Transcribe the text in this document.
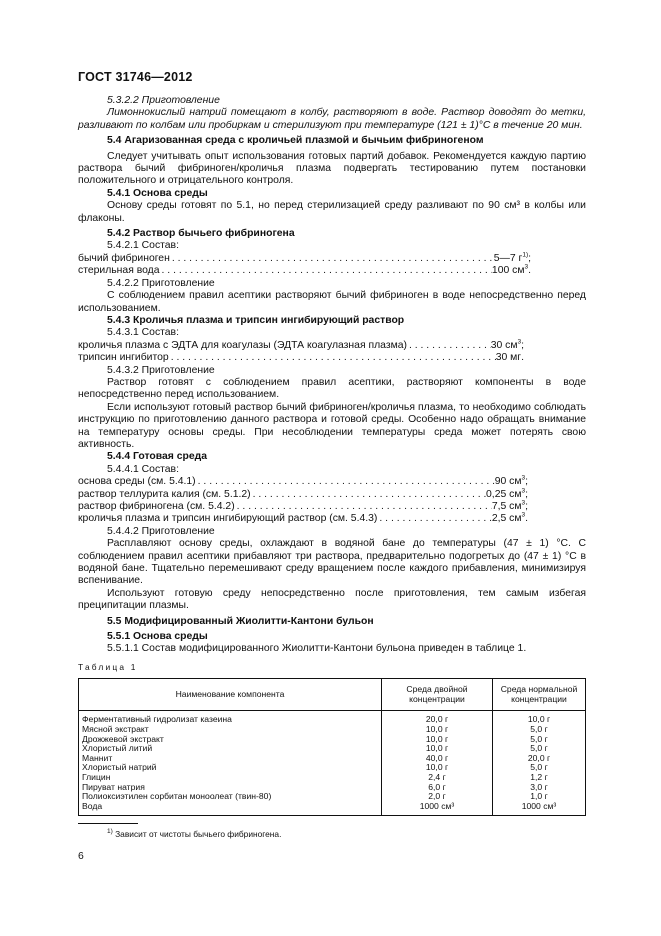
ГОСТ 31746—2012

5.3.2.2 Приготовление

Лимоннокислый натрий помещают в колбу, растворяют в воде. Раствор доводят до метки, разливают по колбам или пробиркам и стерилизуют при температуре (121 ± 1)°С в течение 20 мин.

5.4 Агаризованная среда с кроличьей плазмой и бычьим фибриногеном

Следует учитывать опыт использования готовых партий добавок. Рекомендуется каждую партию раствора бычий фибриноген/кроличья плазма подвергать тестированию путем постановки положительного и отрицательного контроля.

5.4.1 Основа среды

Основу среды готовят по 5.1, но перед стерилизацией среду разливают по 90 см³ в колбы или флаконы.

5.4.2 Раствор бычьего фибриногена

5.4.2.1 Состав:

бычий фибриноген . . .	5—7 $г^{1)}$;
стерильная вода . . .	100 $см^3$.

5.4.2.2 Приготовление

С соблюдением правил асептики растворяют бычий фибриноген в воде непосредственно перед использованием.

5.4.3 Кроличья плазма и трипсин ингибирующий раствор

5.4.3.1 Состав:

кроличья плазма с ЭДТА для коагулазы (ЭДТА коагулазная плазма) . . .	30 $см^3$;
трипсин ингибитор . . .	30 мг.

5.4.3.2 Приготовление

Раствор готовят с соблюдением правил асептики, растворяют компоненты в воде непосредственно перед использованием.

Если используют готовый раствор бычий фибриноген/кроличья плазма, то необходимо соблюдать инструкцию по приготовлению данного раствора и готовой среды. Особенно надо обращать внимание на температуру основы среды. При несоблюдении температуры среда может потерять свою активность.

5.4.4 Готовая среда

5.4.4.1 Состав:

основа среды (см. 5.4.1) . . .	90 $см^3$;
раствор теллурита калия (см. 5.1.2) . . .	0,25 $см^3$;
раствор фибриногена (см. 5.4.2) . . .	7,5 $см^3$;
кроличья плазма и трипсин ингибирующий раствор (см. 5.4.3) . . .	2,5 $см^3$.

5.4.4.2 Приготовление

Расплавляют основу среды, охлаждают в водяной бане до температуры (47 ± 1) °С. С соблюдением правил асептики прибавляют три раствора, предварительно подогретых до (47 ± 1) °С в водяной бане. Тщательно перемешивают среду вращением после каждого прибавления, минимизируя вспенивание.

Используют готовую среду непосредственно после приготовления, тем самым избегая преципитации плазмы.

5.5 Модифицированный Жиолитти-Кантони бульон

5.5.1 Основа среды

5.5.1.1 Состав модифицированного Жиолитти-Кантони бульона приведен в таблице 1.

Таблица 1
Наименование компонента	Среда двойной концентрации	Среда нормальной концентрации
Ферментативный гидролизат казеина	20,0 г	10,0 г
Мясной экстракт	10,0 г	5,0 г
Дрожжевой экстракт	10,0 г	5,0 г
Хлористый литий	10,0 г	5,0 г
Маннит	40,0 г	20,0 г
Хлористый натрий	10,0 г	5,0 г
Глицин	2,4 г	1,2 г
Пируват натрия	6,0 г	3,0 г
Полиоксиэтилен сорбитан моноолеат (твин-80)	2,0 г	1,0 г
Вода	1000 см³	1000 см³
$^{1)}$ Зависит от чистоты бычьего фибриногена.
6
